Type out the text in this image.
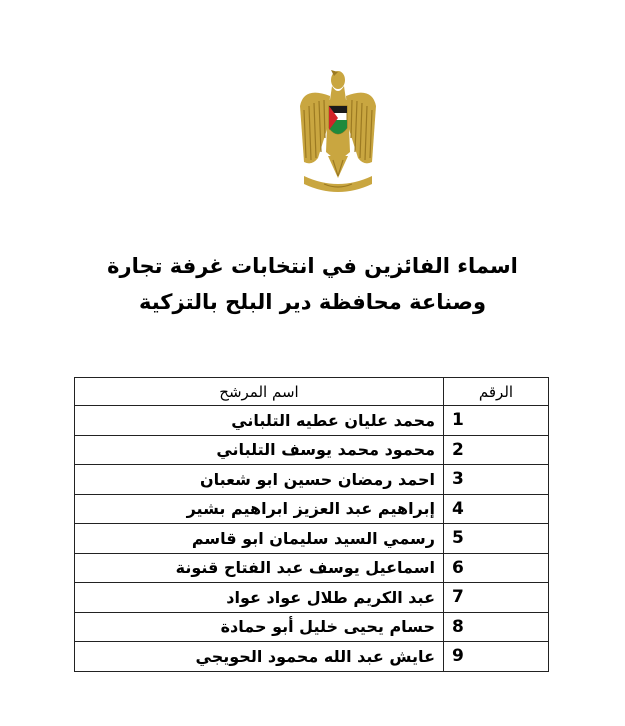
اسماء الفائزين في انتخابات غرفة تجارة
وصناعة محافظة دير البلح بالتزكية
الرقم	اسم المرشح
1	محمد عليان عطيه التلباني
2	محمود محمد يوسف التلباني
3	احمد رمضان حسين ابو شعبان
4	إبراهيم عبد العزيز ابراهيم بشير
5	رسمي السيد سليمان ابو قاسم
6	اسماعيل يوسف عبد الفتاح قنونة
7	عبد الكريم طلال عواد عواد
8	حسام يحيى خليل أبو حمادة
9	عايش عبد الله محمود الحويجي
